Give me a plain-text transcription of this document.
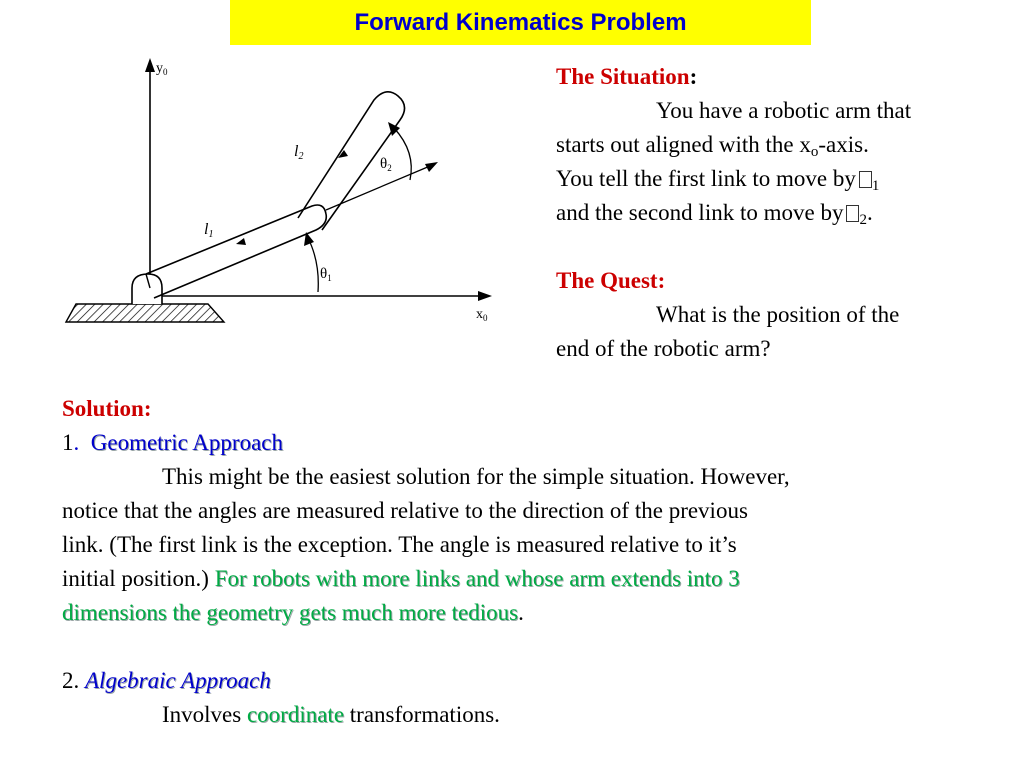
Forward Kinematics Problem
$y_0$
$x_0$
l1
l2
$\theta_1$
$\theta_2$
The Situation:
You have a robotic arm that
starts out aligned with the $x_o$-axis.
You tell the first link to move by $_1$
and the second link to move by $_2$.
The Quest:
What is the position of the
end of the robotic arm?
Solution:
1. Geometric Approach
This might be the easiest solution for the simple situation. However,
notice that the angles are measured relative to the direction of the previous
link. (The first link is the exception. The angle is measured relative to it’s
initial position.) For robots with more links and whose arm extends into 3
dimensions the geometry gets much more tedious.
2. Algebraic Approach
Involves coordinate transformations.
